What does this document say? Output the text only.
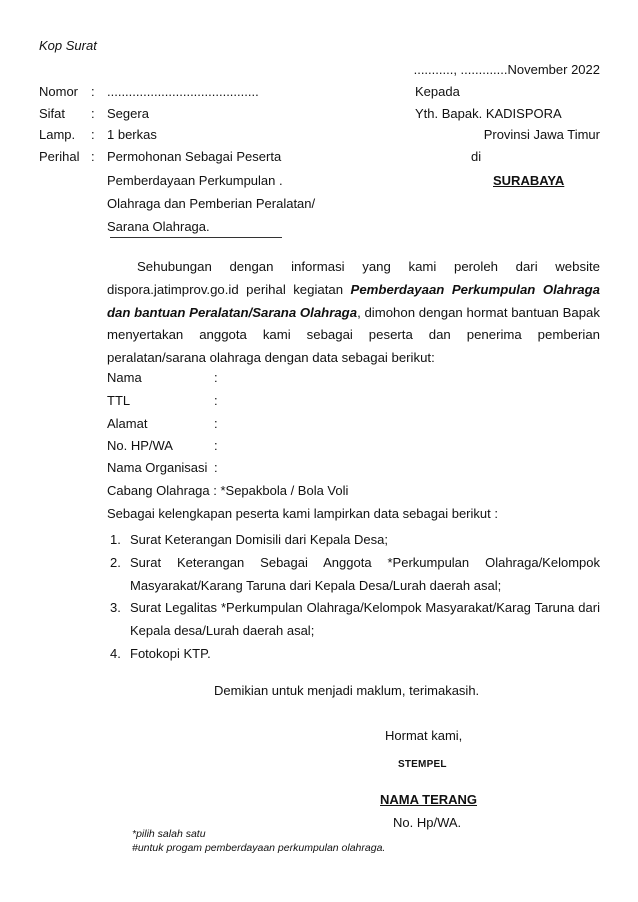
Kop Surat
..........., .............November 2022
Nomor : ..........................................
Sifat : Segera
Lamp. : 1 berkas
Perihal : Permohonan Sebagai Peserta
Pemberdayaan Perkumpulan .
Olahraga dan Pemberian Peralatan/
Sarana Olahraga.
Kepada
Yth. Bapak. KADISPORA
Provinsi Jawa Timur
di
SURABAYA
Sehubungan dengan informasi yang kami peroleh dari website dispora.jatimprov.go.id perihal kegiatan Pemberdayaan Perkumpulan Olahraga dan bantuan Peralatan/Sarana Olahraga, dimohon dengan hormat bantuan Bapak menyertakan anggota kami sebagai peserta dan penerima pemberian peralatan/sarana olahraga dengan data sebagai berikut:
Nama	:
TTL	:
Alamat	:
No. HP/WA	:
Nama Organisasi :
Cabang Olahraga : *Sepakbola / Bola Voli
Sebagai kelengkapan peserta kami lampirkan data sebagai berikut :
1. Surat Keterangan Domisili dari Kepala Desa;
2. Surat Keterangan Sebagai Anggota *Perkumpulan Olahraga/Kelompok Masyarakat/Karang Taruna dari Kepala Desa/Lurah daerah asal;
3. Surat Legalitas *Perkumpulan Olahraga/Kelompok Masyarakat/Karag Taruna dari Kepala desa/Lurah daerah asal;
4. Fotokopi KTP.
Demikian untuk menjadi maklum, terimakasih.
Hormat kami,
STEMPEL
NAMA TERANG
No. Hp/WA.
*pilih salah satu
#untuk progam pemberdayaan perkumpulan olahraga.
